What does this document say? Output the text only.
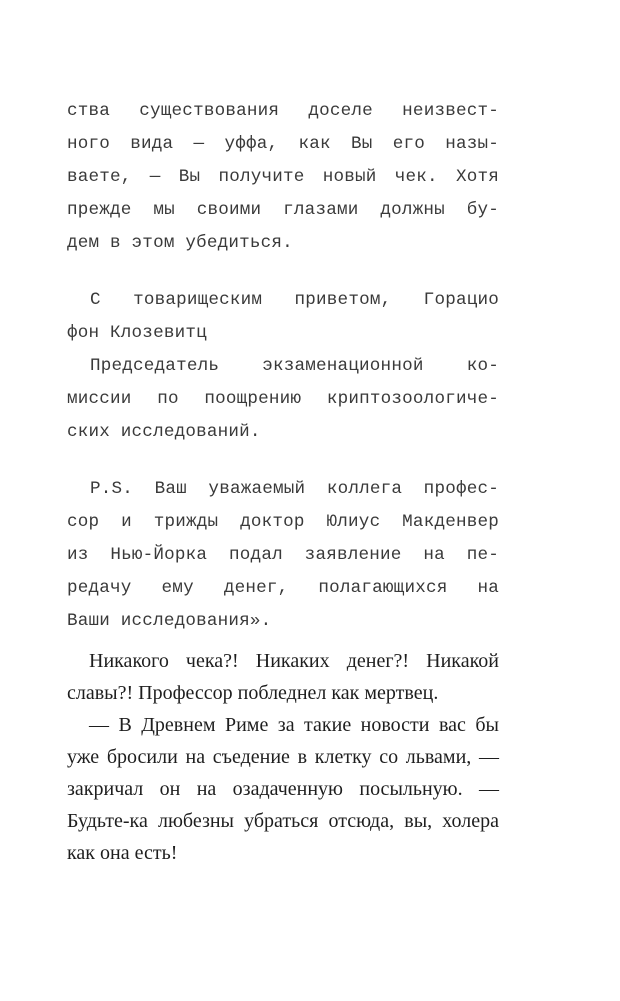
ства существования доселе неизвест-
ного вида — уффа, как Вы его назы-
ваете, — Вы получите новый чек. Хотя
прежде мы своими глазами должны бу-
дем в этом убедиться.
С товарищеским приветом, Горацио
фон Клозевитц
Председатель экзаменационной ко-
миссии по поощрению криптозоологиче-
ских исследований.
P.S. Ваш уважаемый коллега профес-
сор и трижды доктор Юлиус Макденвер
из Нью-Йорка подал заявление на пе-
редачу ему денег, полагающихся на
Ваши исследования».
Никакого чека?! Никаких денег?! Никакой
славы?! Профессор побледнел как мертвец.
— В Древнем Риме за такие новости вас бы
уже бросили на съедение в клетку со львами, —
закричал он на озадаченную посыльную. —
Будьте-ка любезны убраться отсюда, вы, холера
как она есть!
